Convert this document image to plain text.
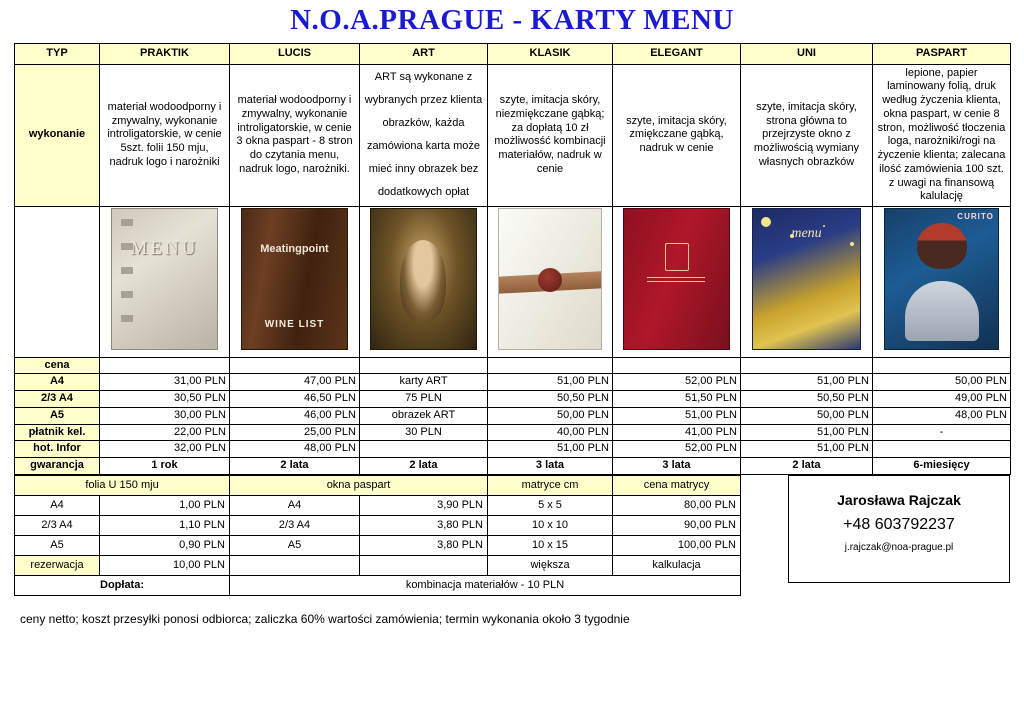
N.O.A.PRAGUE - KARTY MENU
TYP	PRAKTIK	LUCIS	ART	KLASIK	ELEGANT	UNI	PASPART
wykonanie	materiał wodoodporny i zmywalny, wykonanie introligatorskie, w cenie 5szt. folii 150 mju, nadruk logo i narożniki	materiał wodoodporny i zmywalny, wykonanie introligatorskie, w cenie 3 okna paspart - 8 stron do czytania menu, nadruk logo, narożniki.	ART są wykonane z wybranych przez klienta obrazków, każda zamówiona karta może mieć inny obrazek bez dodatkowych opłat	szyte, imitacja skóry, niezmiękczane gąbką; za dopłatą 10 zł możliwosść kombinacji materiałów, nadruk w cenie	szyte, imitacja skóry, zmiękczane gąbką, nadruk w cenie	szyte, imitacja skóry, strona główna to przejrzyste okno z możliwością wymiany własnych obrazków	lepione, papier laminowany folią, druk według życzenia klienta, okna paspart, w cenie 8 stron, możliwość tłoczenia loga, narożniki/rogi na życzenie klienta; zalecana ilość zamówienia 100 szt. z uwagi na finansową kalulację
	MENU	
Meatingpoint
WINE LIST				menu	CURITO

cena							
A4	31,00 PLN	47,00 PLN	karty ART	51,00 PLN	52,00 PLN	51,00 PLN	50,00 PLN
2/3 A4	30,50 PLN	46,50 PLN	75 PLN	50,50 PLN	51,50 PLN	50,50 PLN	49,00 PLN
A5	30,00 PLN	46,00 PLN	obrazek ART	50,00 PLN	51,00 PLN	50,00 PLN	48,00 PLN
płatnik kel.	22,00 PLN	25,00 PLN	30 PLN	40,00 PLN	41,00 PLN	51,00 PLN	-
hot. Infor	32,00 PLN	48,00 PLN		51,00 PLN	52,00 PLN	51,00 PLN	
gwarancja	1 rok	2 lata	2 lata	3 lata	3 lata	2 lata	6-miesięcy
folia U 150 mju		okna paspart		matryce cm	cena matrycy
A4	1,00 PLN	A4	3,90 PLN	5 x 5	80,00 PLN
2/3 A4	1,10 PLN	2/3 A4	3,80 PLN	10 x 10	90,00 PLN
A5	0,90 PLN	A5	3,80 PLN	10 x 15	100,00 PLN
rezerwacja	10,00 PLN			większa	kalkulacja
Dopłata:		kombinacja materiałów - 10 PLN			
Jarosława Rajczak
+48 603792237
j.rajczak@noa-prague.pl
ceny netto; koszt przesyłki ponosi odbiorca; zaliczka 60% wartości zamówienia; termin wykonania około 3 tygodnie
